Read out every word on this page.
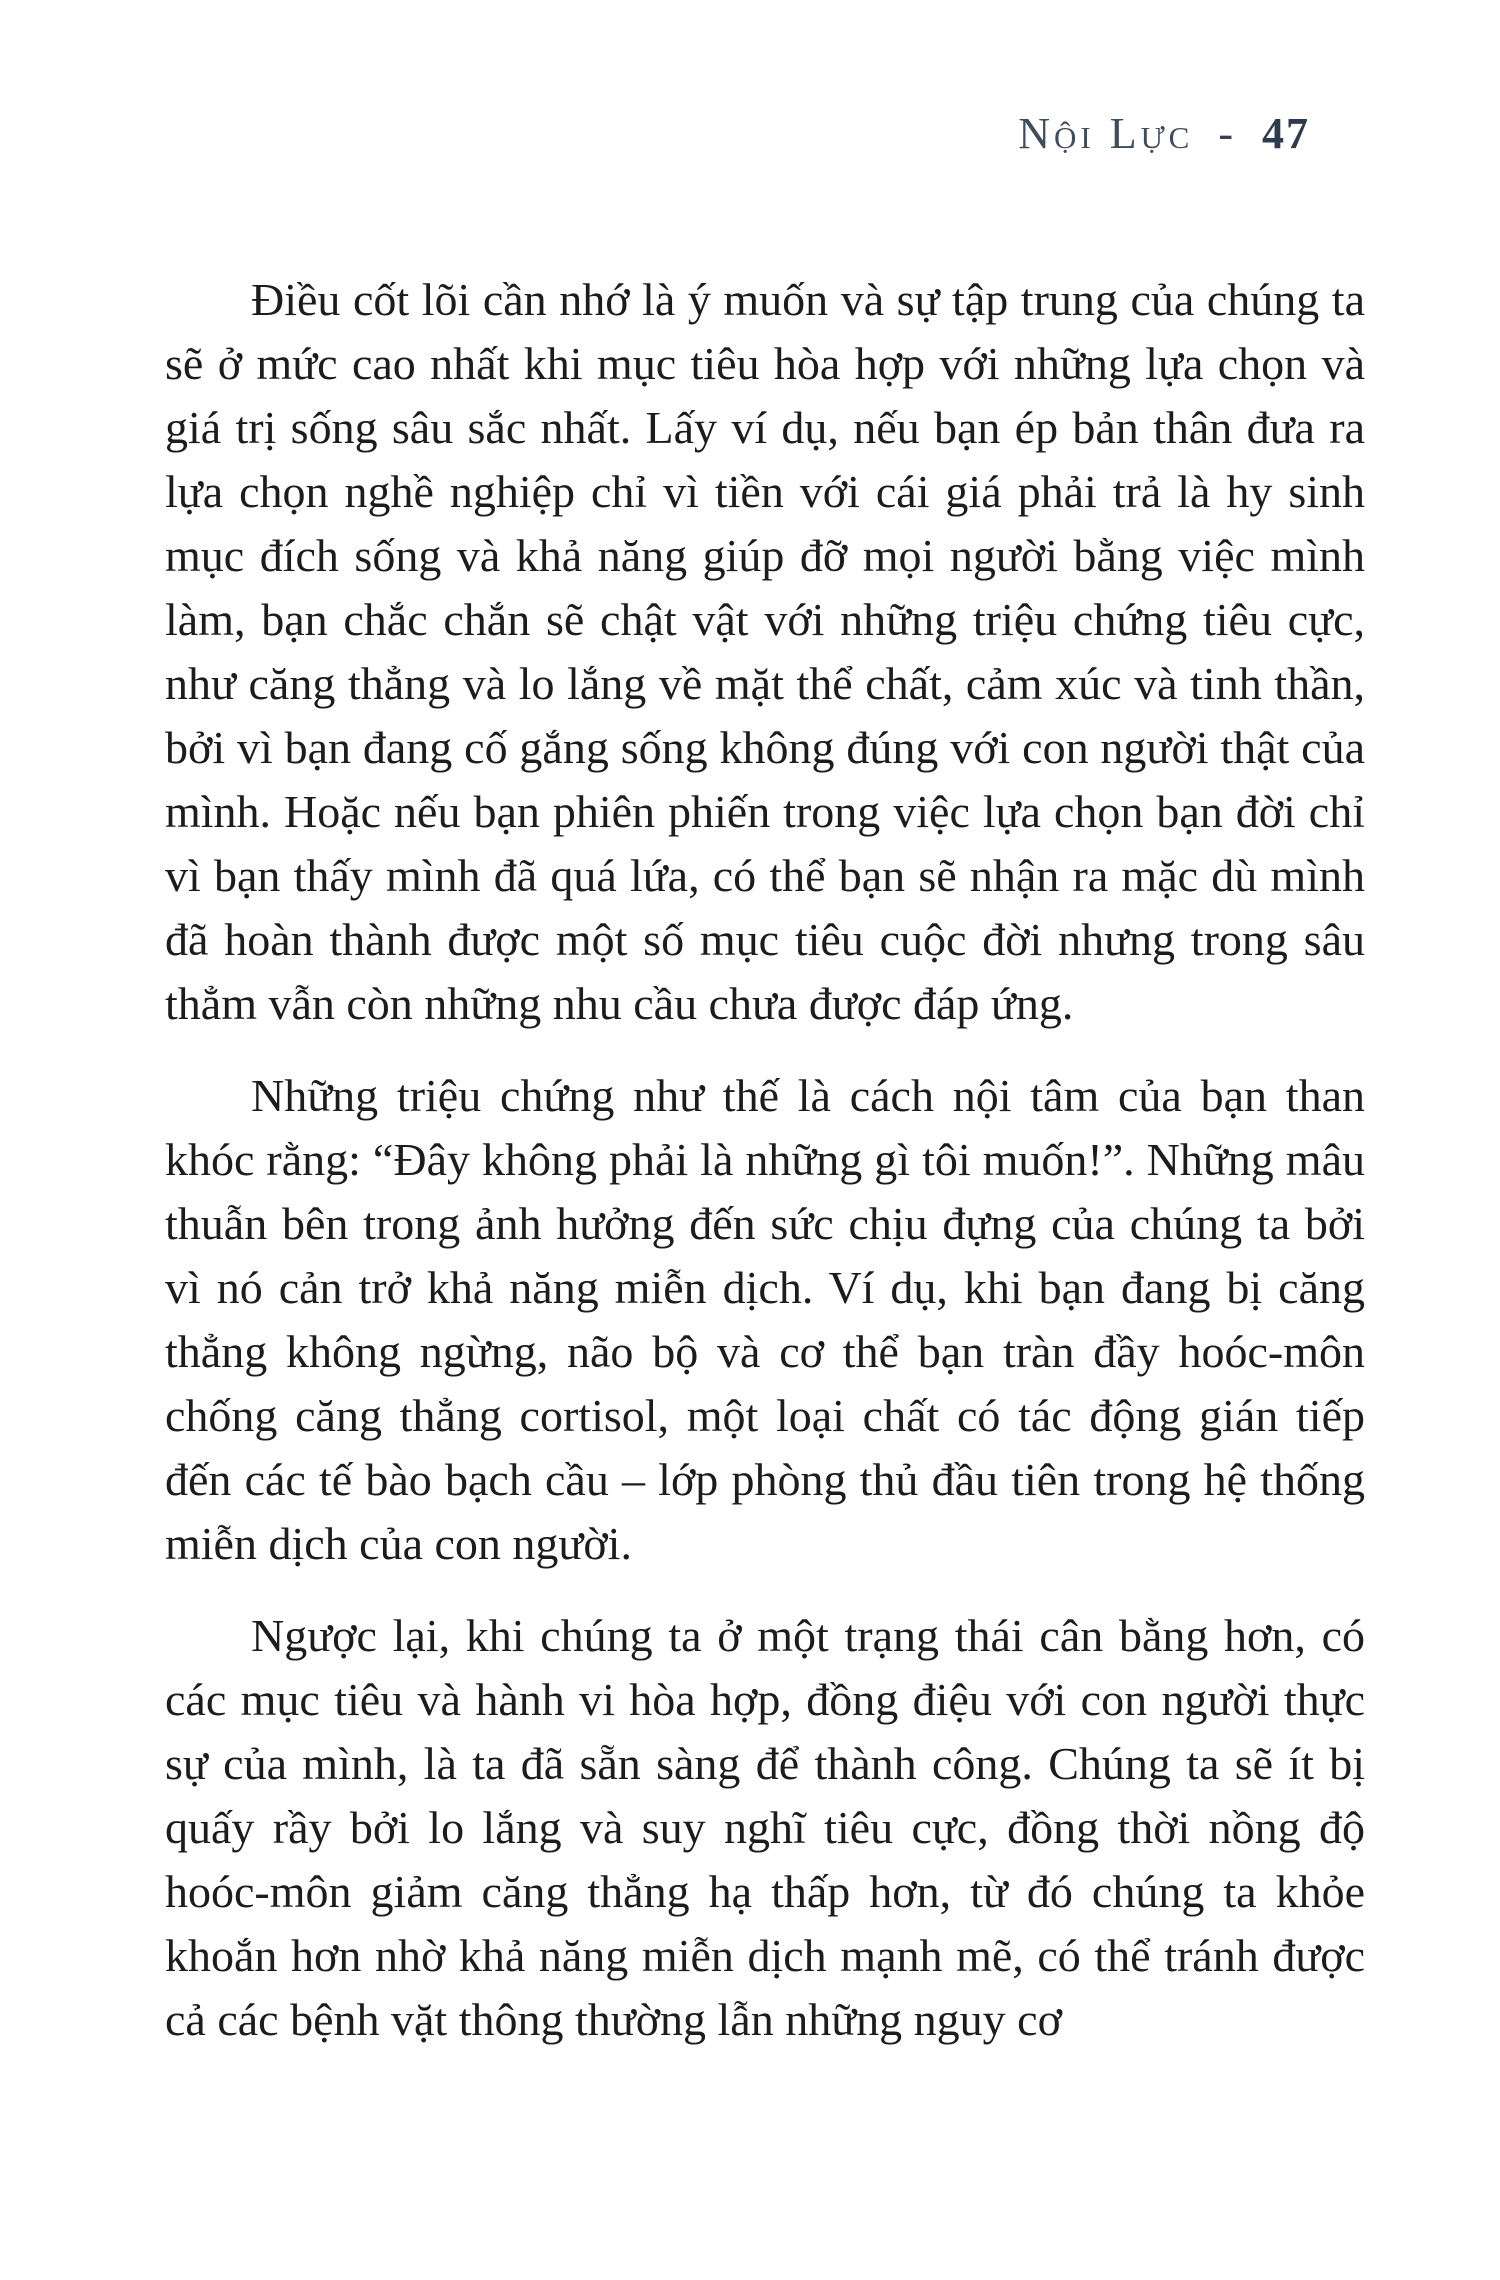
Nội Lực - 47

Điều cốt lõi cần nhớ là ý muốn và sự tập trung của chúng ta sẽ ở mức cao nhất khi mục tiêu hòa hợp với những lựa chọn và giá trị sống sâu sắc nhất. Lấy ví dụ, nếu bạn ép bản thân đưa ra lựa chọn nghề nghiệp chỉ vì tiền với cái giá phải trả là hy sinh mục đích sống và khả năng giúp đỡ mọi người bằng việc mình làm, bạn chắc chắn sẽ chật vật với những triệu chứng tiêu cực, như căng thẳng và lo lắng về mặt thể chất, cảm xúc và tinh thần, bởi vì bạn đang cố gắng sống không đúng với con người thật của mình. Hoặc nếu bạn phiên phiến trong việc lựa chọn bạn đời chỉ vì bạn thấy mình đã quá lứa, có thể bạn sẽ nhận ra mặc dù mình đã hoàn thành được một số mục tiêu cuộc đời nhưng trong sâu thẳm vẫn còn những nhu cầu chưa được đáp ứng.

Những triệu chứng như thế là cách nội tâm của bạn than khóc rằng: “Đây không phải là những gì tôi muốn!”. Những mâu thuẫn bên trong ảnh hưởng đến sức chịu đựng của chúng ta bởi vì nó cản trở khả năng miễn dịch. Ví dụ, khi bạn đang bị căng thẳng không ngừng, não bộ và cơ thể bạn tràn đầy hoóc-môn chống căng thẳng cortisol, một loại chất có tác động gián tiếp đến các tế bào bạch cầu – lớp phòng thủ đầu tiên trong hệ thống miễn dịch của con người.

Ngược lại, khi chúng ta ở một trạng thái cân bằng hơn, có các mục tiêu và hành vi hòa hợp, đồng điệu với con người thực sự của mình, là ta đã sẵn sàng để thành công. Chúng ta sẽ ít bị quấy rầy bởi lo lắng và suy nghĩ tiêu cực, đồng thời nồng độ hoóc-môn giảm căng thẳng hạ thấp hơn, từ đó chúng ta khỏe khoắn hơn nhờ khả năng miễn dịch mạnh mẽ, có thể tránh được cả các bệnh vặt thông thường lẫn những nguy cơ
